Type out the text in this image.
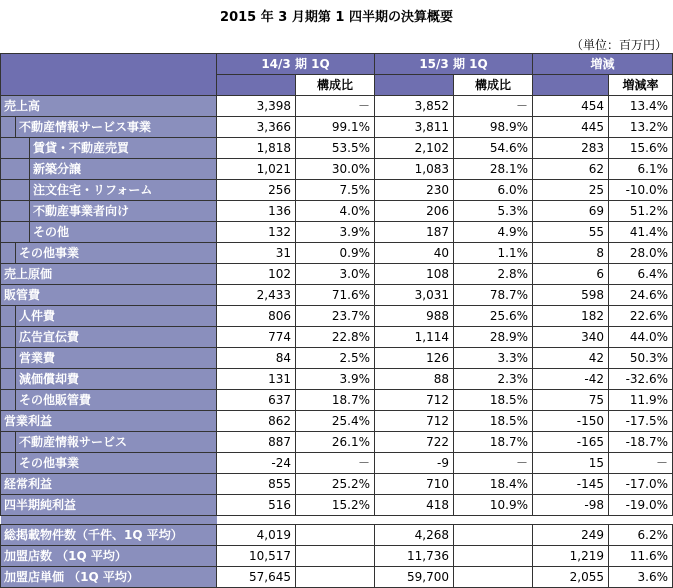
2015 年 3 月期第 1 四半期の決算概要
（単位：百万円）
	14/3 期 1Q		15/3 期 1Q		増減	
		構成比		構成比		増減率

売上高	3,398	－	3,852	－	454	13.4%

不動産情報サービス事業	3,366	99.1%	3,811	98.9%	445	13.2%

賃貸・不動産売買	1,818	53.5%	2,102	54.6%	283	15.6%

新築分譲	1,021	30.0%	1,083	28.1%	62	6.1%

注文住宅・リフォーム	256	7.5%	230	6.0%	25	-10.0%

不動産事業者向け	136	4.0%	206	5.3%	69	51.2%

その他	132	3.9%	187	4.9%	55	41.4%

その他事業	31	0.9%	40	1.1%	8	28.0%

売上原価	102	3.0%	108	2.8%	6	6.4%

販管費	2,433	71.6%	3,031	78.7%	598	24.6%

人件費	806	23.7%	988	25.6%	182	22.6%

広告宣伝費	774	22.8%	1,114	28.9%	340	44.0%

営業費	84	2.5%	126	3.3%	42	50.3%

減価償却費	131	3.9%	88	2.3%	-42	-32.6%

その他販管費	637	18.7%	712	18.5%	75	11.9%

営業利益	862	25.4%	712	18.5%	-150	-17.5%

不動産情報サービス	887	26.1%	722	18.7%	-165	-18.7%

その他事業	-24	－	-9	－	15	－

経常利益	855	25.2%	710	18.4%	-145	-17.0%

四半期純利益	516	15.2%	418	10.9%	-98	-19.0%

総掲載物件数（千件、1Q 平均）	4,019		4,268		249	6.2%

加盟店数 （1Q 平均）	10,517		11,736		1,219	11.6%

加盟店単価 （1Q 平均）	57,645		59,700		2,055	3.6%
